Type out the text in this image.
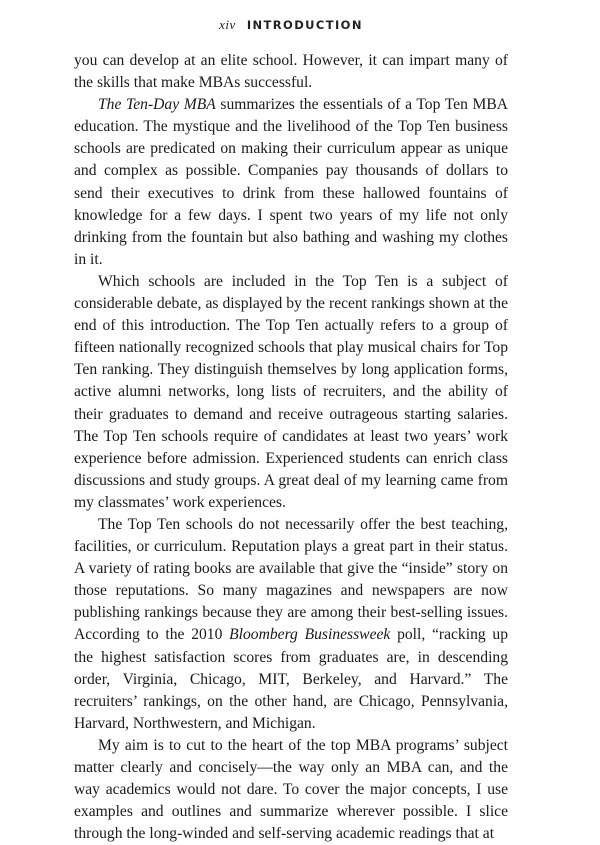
xiv INTRODUCTION

you can develop at an elite school. However, it can impart many of the skills that make MBAs successful.

The Ten-Day MBA summarizes the essentials of a Top Ten MBA education. The mystique and the livelihood of the Top Ten business schools are predicated on making their curriculum appear as unique and complex as possible. Companies pay thousands of dollars to send their executives to drink from these hallowed fountains of knowledge for a few days. I spent two years of my life not only drinking from the fountain but also bathing and washing my clothes in it.

Which schools are included in the Top Ten is a subject of considerable debate, as displayed by the recent rankings shown at the end of this introduction. The Top Ten actually refers to a group of fifteen nationally recognized schools that play musical chairs for Top Ten ranking. They distinguish themselves by long application forms, active alumni networks, long lists of recruiters, and the ability of their graduates to demand and receive outrageous starting salaries. The Top Ten schools require of candidates at least two years’ work experience before admission. Experienced students can enrich class discussions and study groups. A great deal of my learning came from my classmates’ work experiences.

The Top Ten schools do not necessarily offer the best teaching, facilities, or curriculum. Reputation plays a great part in their status. A variety of rating books are available that give the “inside” story on those reputations. So many magazines and newspapers are now publishing rankings because they are among their best-selling issues. According to the 2010 Bloomberg Businessweek poll, “racking up the highest satisfaction scores from graduates are, in descending order, Virginia, Chicago, MIT, Berkeley, and Harvard.” The recruiters’ rankings, on the other hand, are Chicago, Pennsylvania, Harvard, Northwestern, and Michigan.

My aim is to cut to the heart of the top MBA programs’ subject matter clearly and concisely—the way only an MBA can, and the way academics would not dare. To cover the major concepts, I use examples and outlines and summarize wherever possible. I slice through the long-winded and self-serving academic readings that at
